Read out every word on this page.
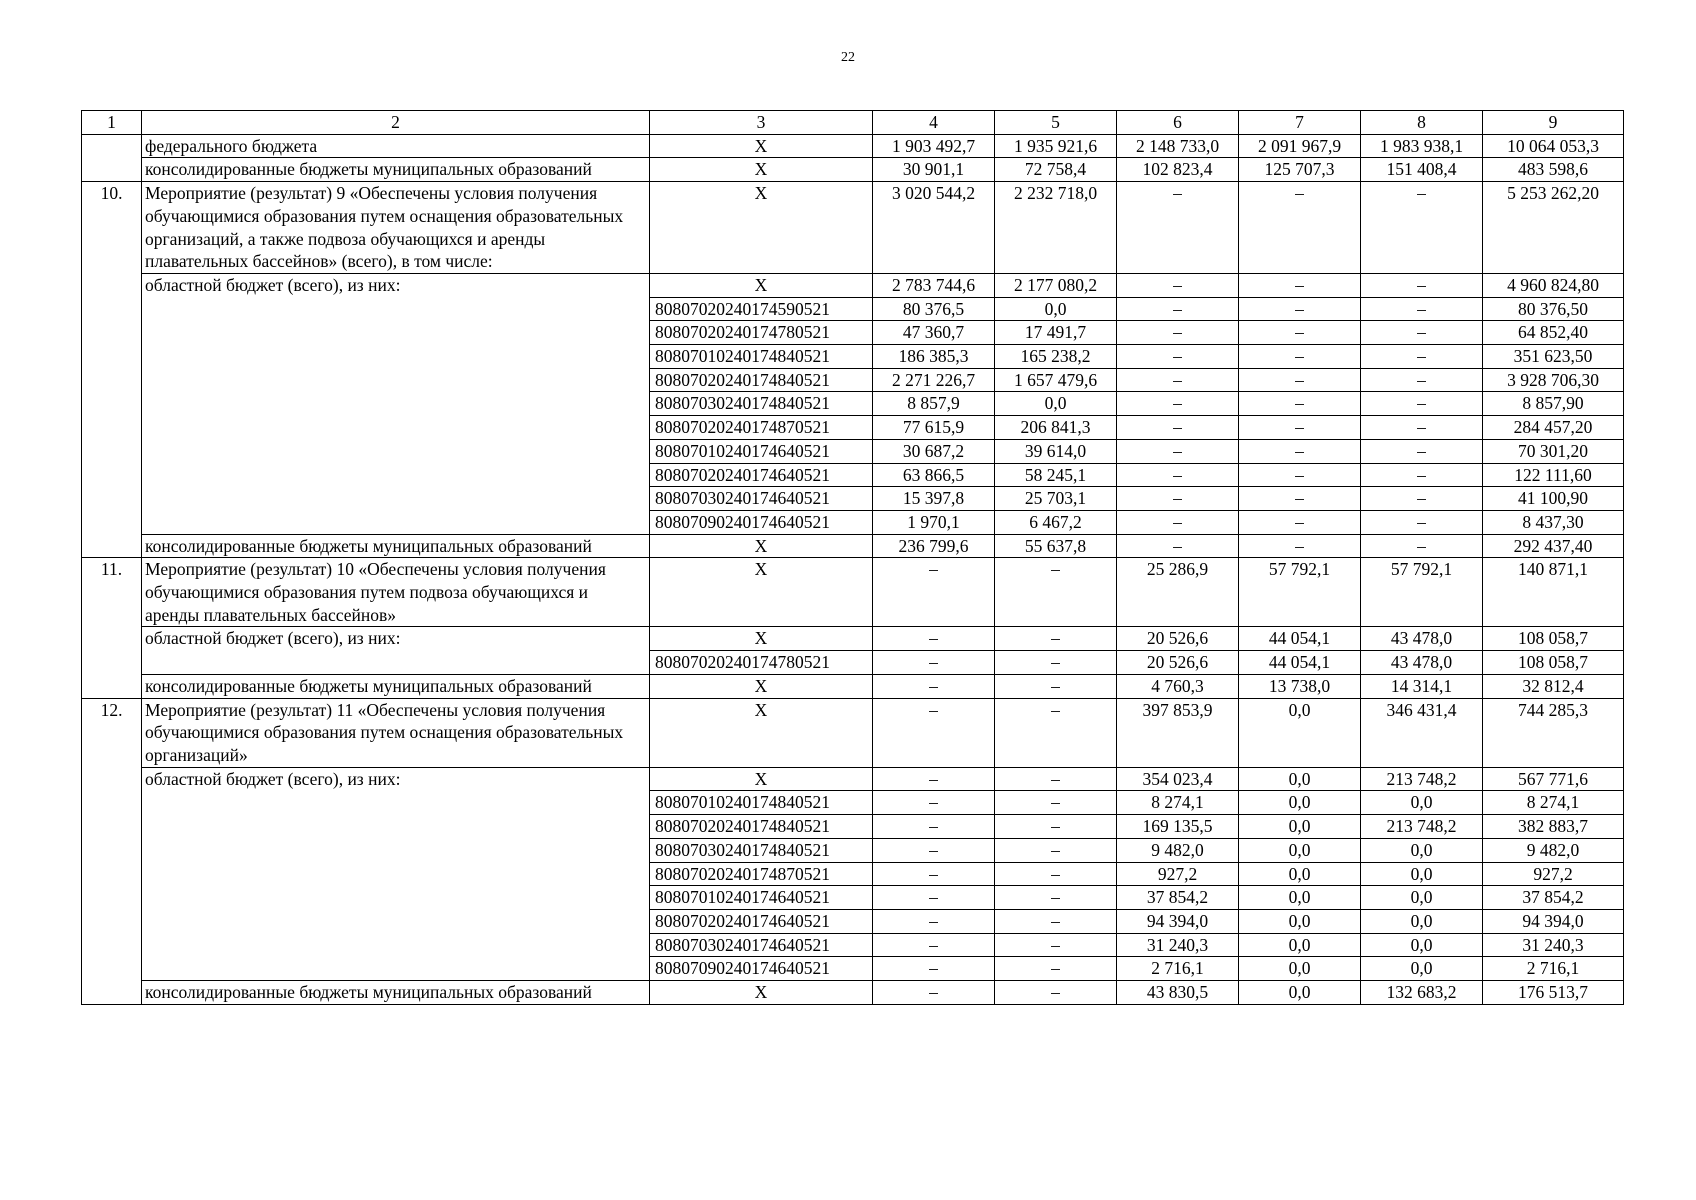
22
1	2	3	4	5	6	7	8	9
	федерального бюджета	X	1 903 492,7	1 935 921,6	2 148 733,0	2 091 967,9	1 983 938,1	10 064 053,3
	консолидированные бюджеты муниципальных образований	X	30 901,1	72 758,4	102 823,4	125 707,3	151 408,4	483 598,6
10.	Мероприятие (результат) 9 «Обеспечены условия получения обучающимися образования путем оснащения образовательных организаций, а также подвоза обучающихся и аренды плавательных бассейнов» (всего), в том числе:	X	3 020 544,2	2 232 718,0	–	–	–	5 253 262,20
	областной бюджет (всего), из них:	X	2 783 744,6	2 177 080,2	–	–	–	4 960 824,80
		80807020240174590521	80 376,5	0,0	–	–	–	80 376,50
		80807020240174780521	47 360,7	17 491,7	–	–	–	64 852,40
		80807010240174840521	186 385,3	165 238,2	–	–	–	351 623,50
		80807020240174840521	2 271 226,7	1 657 479,6	–	–	–	3 928 706,30
		80807030240174840521	8 857,9	0,0	–	–	–	8 857,90
		80807020240174870521	77 615,9	206 841,3	–	–	–	284 457,20
		80807010240174640521	30 687,2	39 614,0	–	–	–	70 301,20
		80807020240174640521	63 866,5	58 245,1	–	–	–	122 111,60
		80807030240174640521	15 397,8	25 703,1	–	–	–	41 100,90
		80807090240174640521	1 970,1	6 467,2	–	–	–	8 437,30
	консолидированные бюджеты муниципальных образований	X	236 799,6	55 637,8	–	–	–	292 437,40
11.	Мероприятие (результат) 10 «Обеспечены условия получения обучающимися образования путем подвоза обучающихся и аренды плавательных бассейнов»	X	–	–	25 286,9	57 792,1	57 792,1	140 871,1
	областной бюджет (всего), из них:	X	–	–	20 526,6	44 054,1	43 478,0	108 058,7
		80807020240174780521	–	–	20 526,6	44 054,1	43 478,0	108 058,7
	консолидированные бюджеты муниципальных образований	X	–	–	4 760,3	13 738,0	14 314,1	32 812,4
12.	Мероприятие (результат) 11 «Обеспечены условия получения обучающимися образования путем оснащения образовательных организаций»	X	–	–	397 853,9	0,0	346 431,4	744 285,3
	областной бюджет (всего), из них:	X	–	–	354 023,4	0,0	213 748,2	567 771,6
		80807010240174840521	–	–	8 274,1	0,0	0,0	8 274,1
		80807020240174840521	–	–	169 135,5	0,0	213 748,2	382 883,7
		80807030240174840521	–	–	9 482,0	0,0	0,0	9 482,0
		80807020240174870521	–	–	927,2	0,0	0,0	927,2
		80807010240174640521	–	–	37 854,2	0,0	0,0	37 854,2
		80807020240174640521	–	–	94 394,0	0,0	0,0	94 394,0
		80807030240174640521	–	–	31 240,3	0,0	0,0	31 240,3
		80807090240174640521	–	–	2 716,1	0,0	0,0	2 716,1
	консолидированные бюджеты муниципальных образований	X	–	–	43 830,5	0,0	132 683,2	176 513,7
